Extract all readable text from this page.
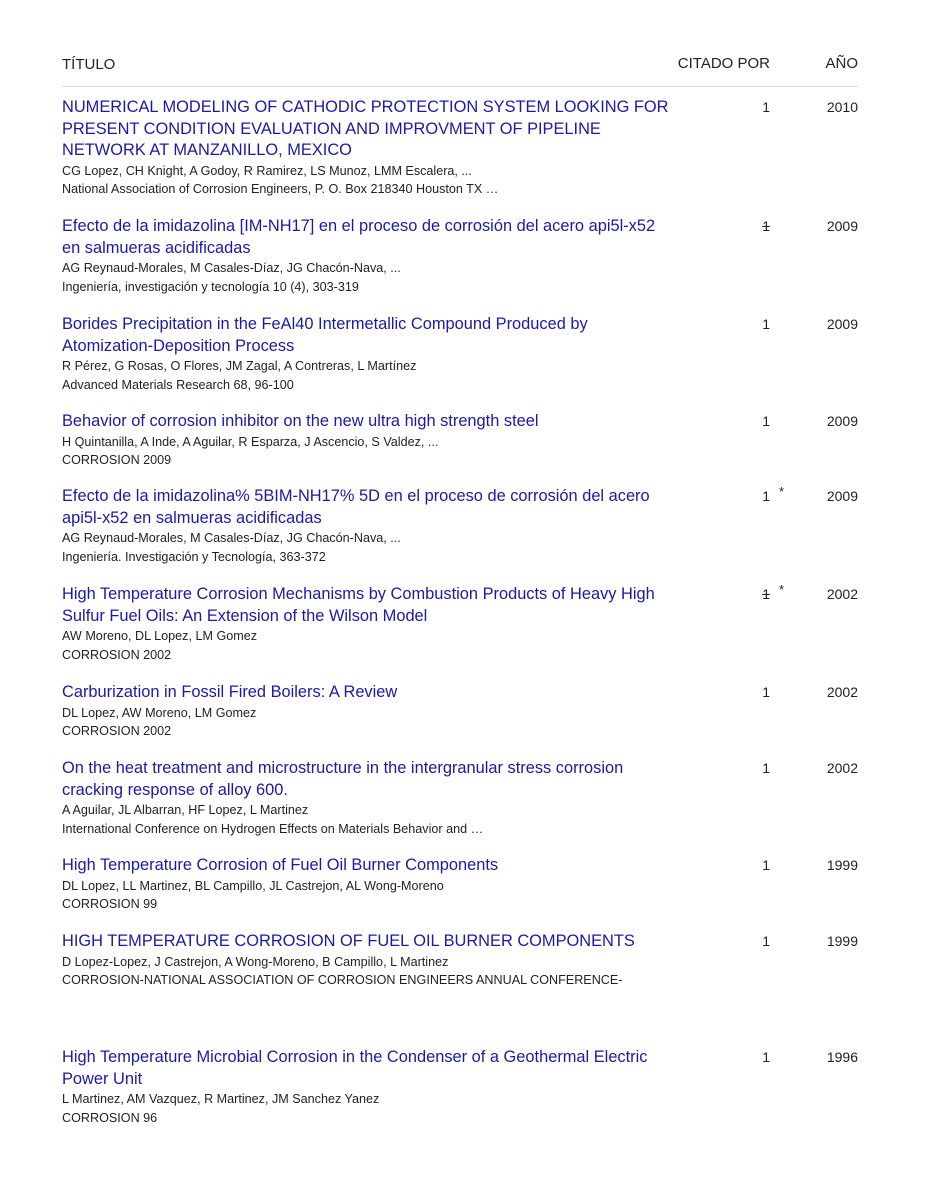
TÍTULO	CITADO POR	AÑO
NUMERICAL MODELING OF CATHODIC PROTECTION SYSTEM LOOKING FOR PRESENT CONDITION EVALUATION AND IMPROVMENT OF PIPELINE NETWORK AT MANZANILLO, MEXICO
CG Lopez, CH Knight, A Godoy, R Ramirez, LS Munoz, LMM Escalera, ...
National Association of Corrosion Engineers, P. O. Box 218340 Houston TX …
1	2010
Efecto de la imidazolina [IM-NH17] en el proceso de corrosión del acero api5l-x52 en salmueras acidificadas
AG Reynaud-Morales, M Casales-Díaz, JG Chacón-Nava, ...
Ingeniería, investigación y tecnología 10 (4), 303-319
1	2009
Borides Precipitation in the FeAl40 Intermetallic Compound Produced by Atomization-Deposition Process
R Pérez, G Rosas, O Flores, JM Zagal, A Contreras, L Martínez
Advanced Materials Research 68, 96-100
1	2009
Behavior of corrosion inhibitor on the new ultra high strength steel
H Quintanilla, A Inde, A Aguilar, R Esparza, J Ascencio, S Valdez, ...
CORROSION 2009
1	2009
Efecto de la imidazolina% 5BIM-NH17% 5D en el proceso de corrosión del acero api5l-x52 en salmueras acidificadas
AG Reynaud-Morales, M Casales-Díaz, JG Chacón-Nava, ...
Ingeniería. Investigación y Tecnología, 363-372
1 *	2009
High Temperature Corrosion Mechanisms by Combustion Products of Heavy High Sulfur Fuel Oils: An Extension of the Wilson Model
AW Moreno, DL Lopez, LM Gomez
CORROSION 2002
1 *	2002
Carburization in Fossil Fired Boilers: A Review
DL Lopez, AW Moreno, LM Gomez
CORROSION 2002
1	2002
On the heat treatment and microstructure in the intergranular stress corrosion cracking response of alloy 600.
A Aguilar, JL Albarran, HF Lopez, L Martinez
International Conference on Hydrogen Effects on Materials Behavior and …
1	2002
High Temperature Corrosion of Fuel Oil Burner Components
DL Lopez, LL Martinez, BL Campillo, JL Castrejon, AL Wong-Moreno
CORROSION 99
1	1999
HIGH TEMPERATURE CORROSION OF FUEL OIL BURNER COMPONENTS
D Lopez-Lopez, J Castrejon, A Wong-Moreno, B Campillo, L Martinez
CORROSION-NATIONAL ASSOCIATION OF CORROSION ENGINEERS ANNUAL CONFERENCE-
1	1999
High Temperature Microbial Corrosion in the Condenser of a Geothermal Electric Power Unit
L Martinez, AM Vazquez, R Martinez, JM Sanchez Yanez
CORROSION 96
1	1996
